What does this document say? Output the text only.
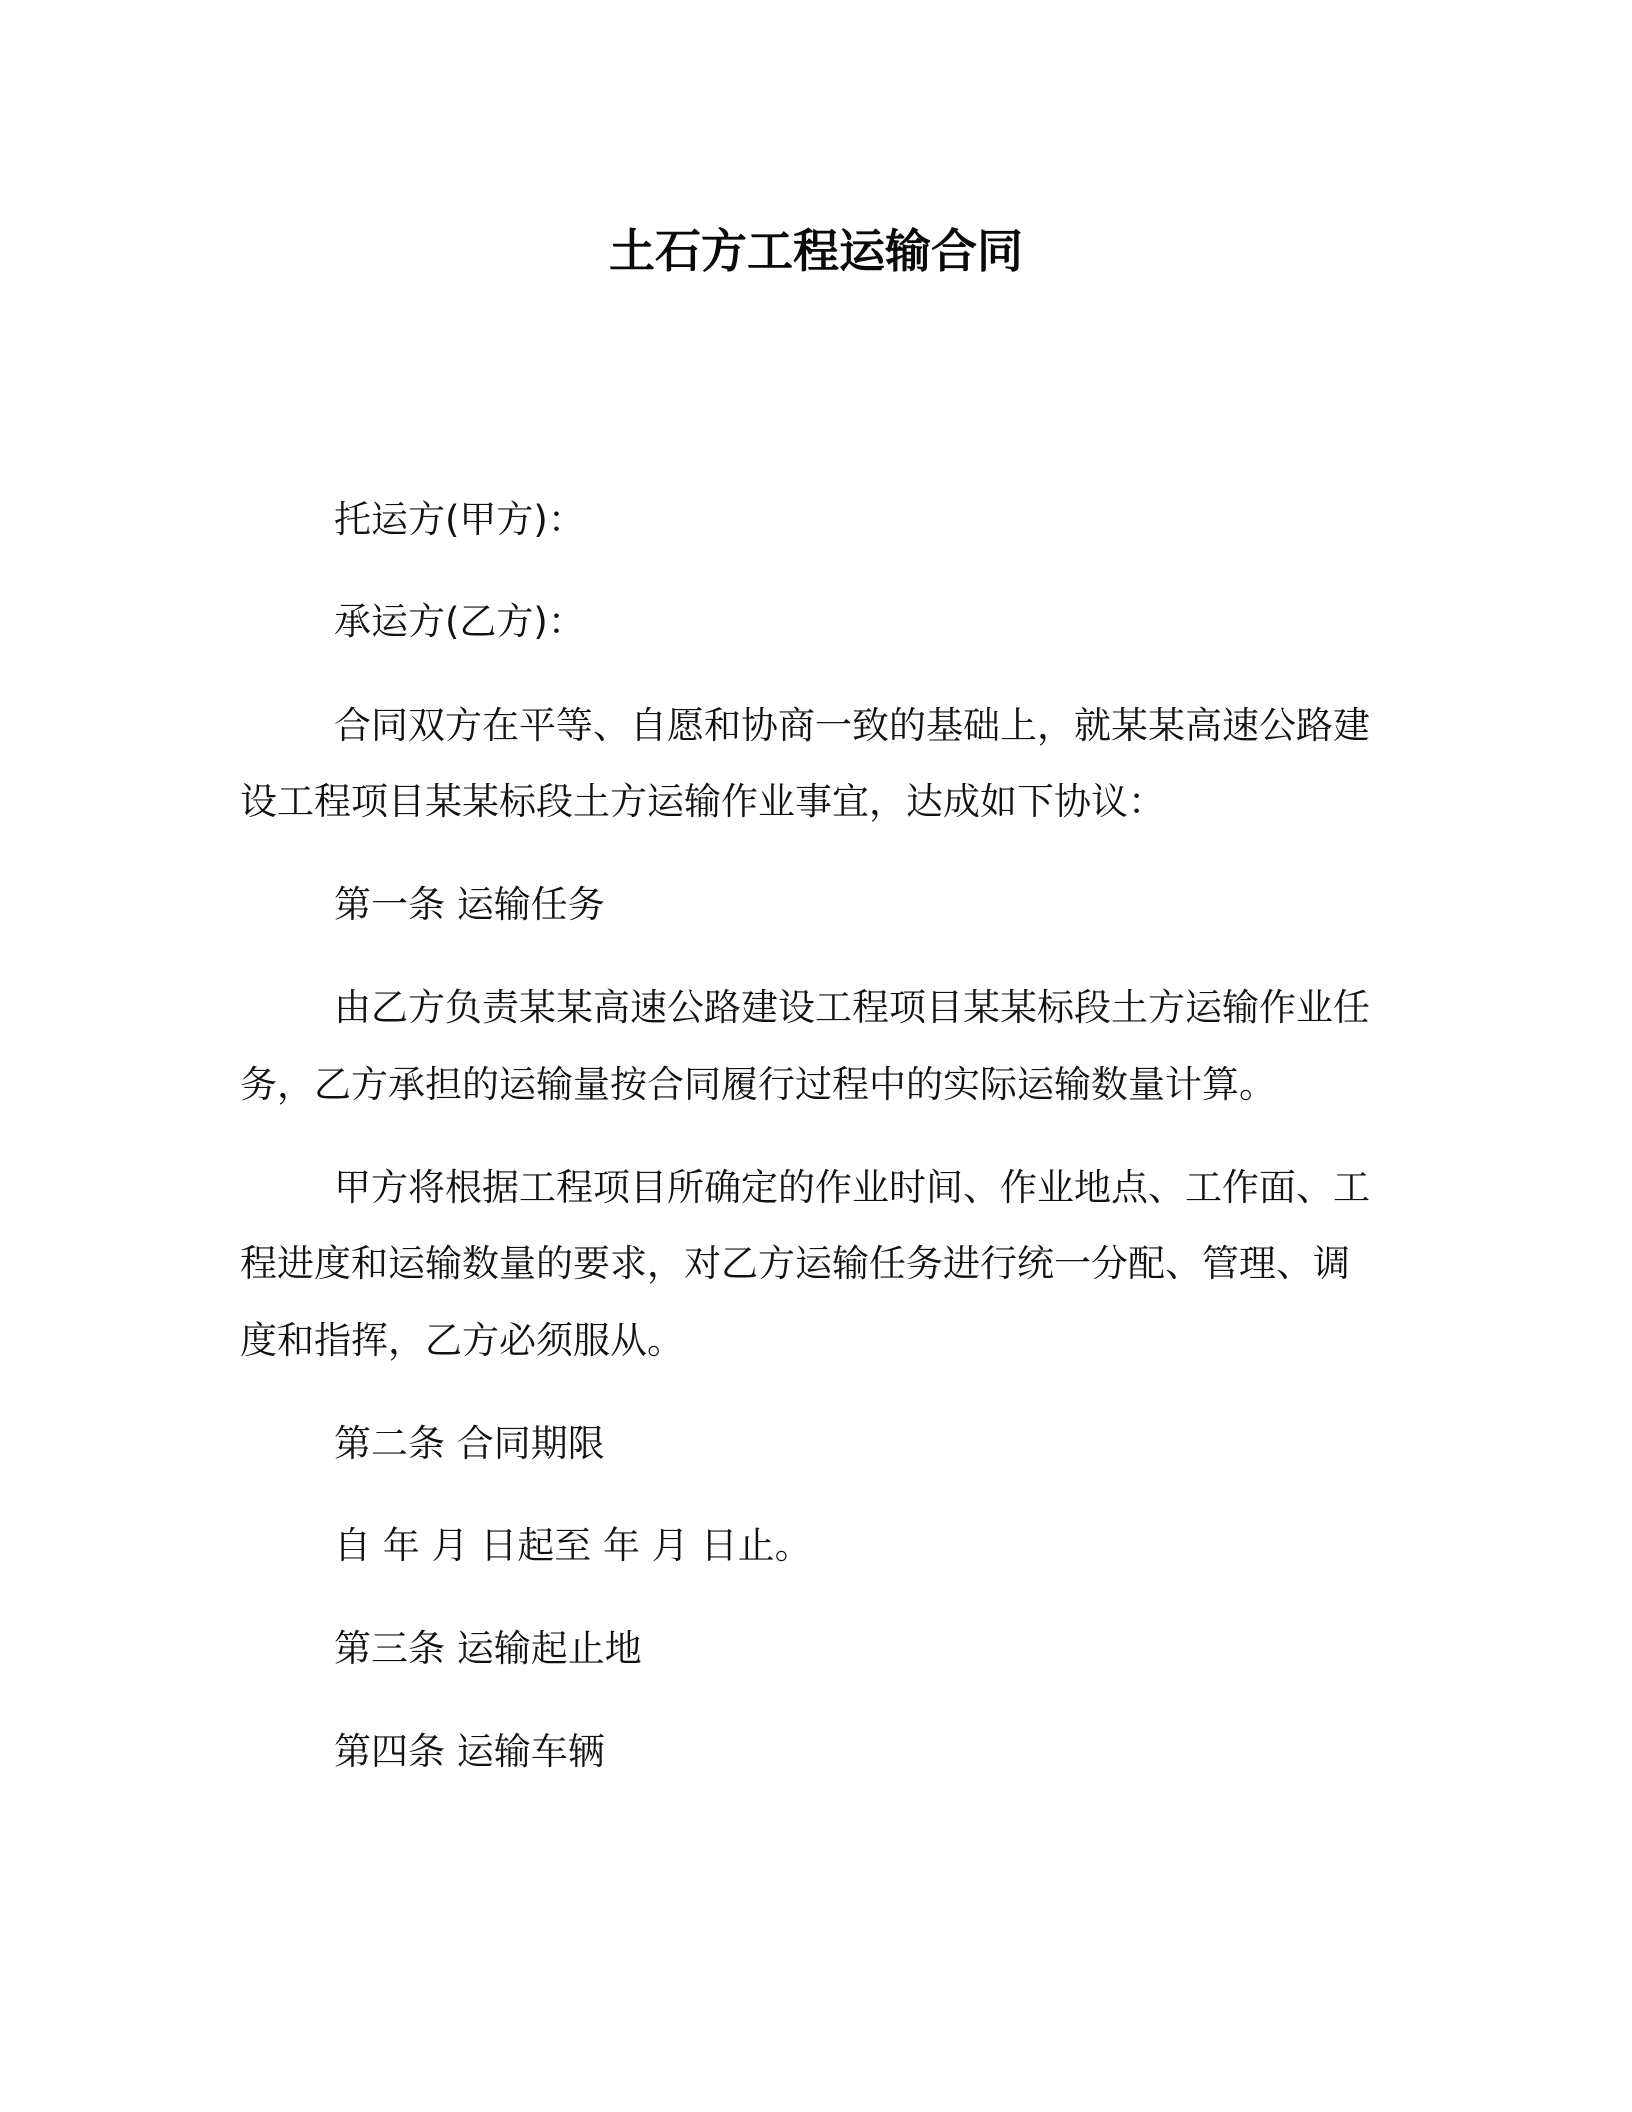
土石方工程运输合同
托运方(甲方)：
承运方(乙方)：
合同双方在平等、自愿和协商一致的基础上，就某某高速公路建
设工程项目某某标段土方运输作业事宜，达成如下协议：
第一条 运输任务
由乙方负责某某高速公路建设工程项目某某标段土方运输作业任
务，乙方承担的运输量按合同履行过程中的实际运输数量计算。
甲方将根据工程项目所确定的作业时间、作业地点、工作面、工
程进度和运输数量的要求，对乙方运输任务进行统一分配、管理、调
度和指挥，乙方必须服从。
第二条 合同期限
自 年 月 日起至 年 月 日止。
第三条 运输起止地
第四条 运输车辆
